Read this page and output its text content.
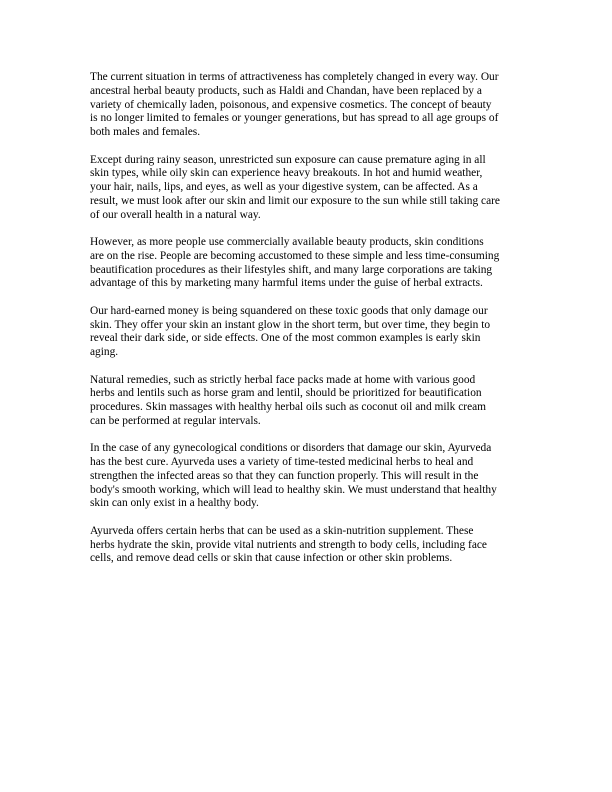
The current situation in terms of attractiveness has completely changed in every way. Our
ancestral herbal beauty products, such as Haldi and Chandan, have been replaced by a
variety of chemically laden, poisonous, and expensive cosmetics. The concept of beauty
is no longer limited to females or younger generations, but has spread to all age groups of
both males and females.

Except during rainy season, unrestricted sun exposure can cause premature aging in all
skin types, while oily skin can experience heavy breakouts. In hot and humid weather,
your hair, nails, lips, and eyes, as well as your digestive system, can be affected. As a
result, we must look after our skin and limit our exposure to the sun while still taking care
of our overall health in a natural way.

However, as more people use commercially available beauty products, skin conditions
are on the rise. People are becoming accustomed to these simple and less time-consuming
beautification procedures as their lifestyles shift, and many large corporations are taking
advantage of this by marketing many harmful items under the guise of herbal extracts.

Our hard-earned money is being squandered on these toxic goods that only damage our
skin. They offer your skin an instant glow in the short term, but over time, they begin to
reveal their dark side, or side effects. One of the most common examples is early skin
aging.

Natural remedies, such as strictly herbal face packs made at home with various good
herbs and lentils such as horse gram and lentil, should be prioritized for beautification
procedures. Skin massages with healthy herbal oils such as coconut oil and milk cream
can be performed at regular intervals.

In the case of any gynecological conditions or disorders that damage our skin, Ayurveda
has the best cure. Ayurveda uses a variety of time-tested medicinal herbs to heal and
strengthen the infected areas so that they can function properly. This will result in the
body's smooth working, which will lead to healthy skin. We must understand that healthy
skin can only exist in a healthy body.

Ayurveda offers certain herbs that can be used as a skin-nutrition supplement. These
herbs hydrate the skin, provide vital nutrients and strength to body cells, including face
cells, and remove dead cells or skin that cause infection or other skin problems.
